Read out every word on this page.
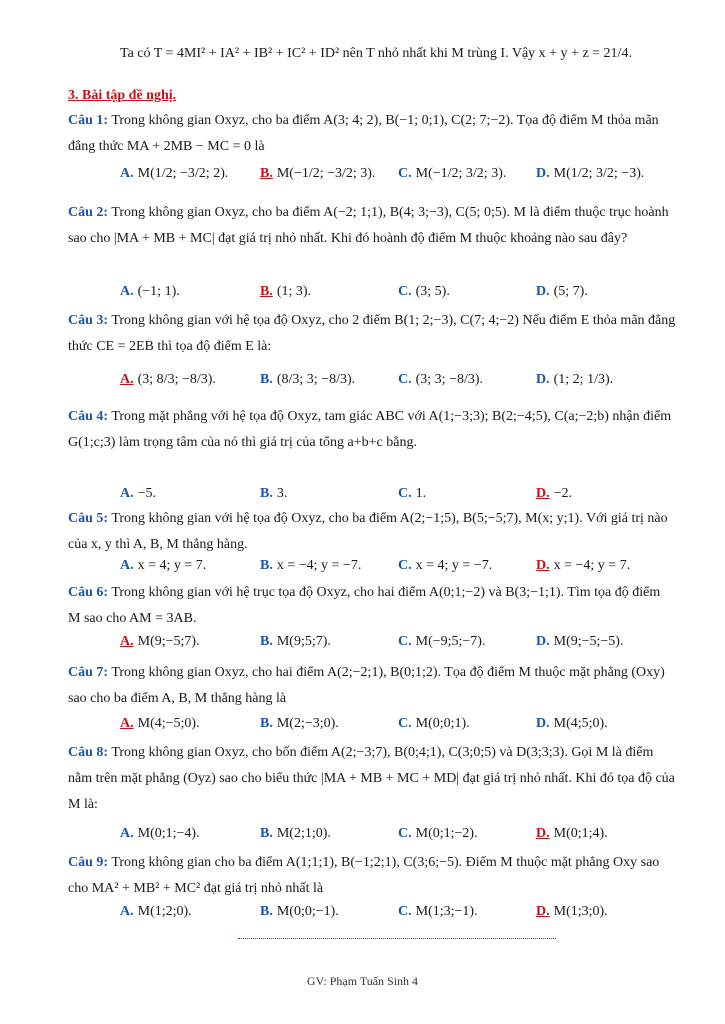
Ta có T = 4MI² + IA² + IB² + IC² + ID² nên T nhỏ nhất khi M trùng I. Vậy x + y + z = 21/4.
3. Bài tập đề nghị.
Câu 1: Trong không gian Oxyz, cho ba điểm A(3; 4; 2), B(−1; 0;1), C(2; 7;−2). Tọa độ điểm M thỏa mãn đẳng thức MA + 2MB − MC = 0 là
A. M(1/2; −3/2; 2). B. M(−1/2; −3/2; 3). C. M(−1/2; 3/2; 3). D. M(1/2; 3/2; −3).
Câu 2: Trong không gian Oxyz, cho ba điểm A(−2; 1;1), B(4; 3;−3), C(5; 0;5). M là điểm thuộc trục hoành sao cho |MA + MB + MC| đạt giá trị nhỏ nhất. Khi đó hoành độ điểm M thuộc khoảng nào sau đây?
A. (−1; 1).	B. (1; 3).	C. (3; 5).	D. (5; 7).
Câu 3: Trong không gian với hệ tọa độ Oxyz, cho 2 điểm B(1; 2;−3), C(7; 4;−2) Nếu điểm E thỏa mãn đẳng thức CE = 2EB thì tọa độ điểm E là:
A. (3; 8/3; −8/3).	B. (8/3; 3; −8/3).	C. (3; 3; −8/3).	D. (1; 2; 1/3).
Câu 4: Trong mặt phẳng với hệ tọa độ Oxyz, tam giác ABC với A(1;−3;3); B(2;−4;5), C(a;−2;b) nhận điểm G(1;c;3) làm trọng tâm của nó thì giá trị của tổng a+b+c bằng.
A. −5.	B. 3.	C. 1.	D. −2.
Câu 5: Trong không gian với hệ tọa độ Oxyz, cho ba điểm A(2;−1;5), B(5;−5;7), M(x; y;1). Với giá trị nào của x, y thì A, B, M thẳng hàng.
A. x = 4; y = 7.	B. x = −4; y = −7.	C. x = 4; y = −7.	D. x = −4; y = 7.
Câu 6: Trong không gian với hệ trục tọa độ Oxyz, cho hai điểm A(0;1;−2) và B(3;−1;1). Tìm tọa độ điểm M sao cho AM = 3AB.
A. M(9;−5;7).	B. M(9;5;7).	C. M(−9;5;−7).	D. M(9;−5;−5).
Câu 7: Trong không gian Oxyz, cho hai điểm A(2;−2;1), B(0;1;2). Tọa độ điểm M thuộc mặt phẳng (Oxy) sao cho ba điểm A, B, M thẳng hàng là
A. M(4;−5;0).	B. M(2;−3;0).	C. M(0;0;1).	D. M(4;5;0).
Câu 8: Trong không gian Oxyz, cho bốn điểm A(2;−3;7), B(0;4;1), C(3;0;5) và D(3;3;3). Gọi M là điểm nằm trên mặt phẳng (Oyz) sao cho biểu thức |MA + MB + MC + MD| đạt giá trị nhỏ nhất. Khi đó tọa độ của M là:
A. M(0;1;−4).	B. M(2;1;0).	C. M(0;1;−2).	D. M(0;1;4).
Câu 9: Trong không gian cho ba điểm A(1;1;1), B(−1;2;1), C(3;6;−5). Điểm M thuộc mặt phẳng Oxy sao cho MA² + MB² + MC² đạt giá trị nhỏ nhất là
A. M(1;2;0).	B. M(0;0;−1).	C. M(1;3;−1).	D. M(1;3;0).
GV: Phạm Tuấn Sinh 4
